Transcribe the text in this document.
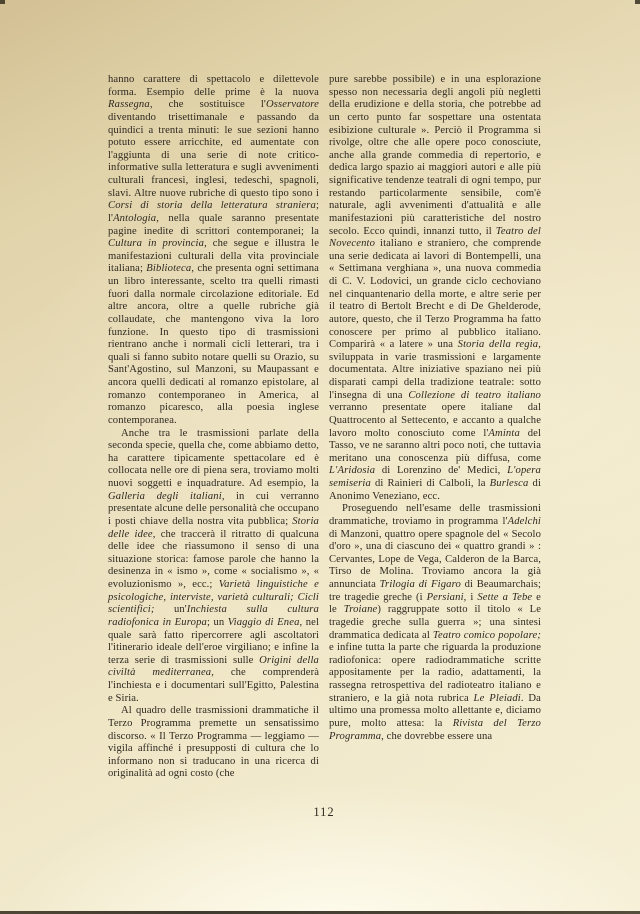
hanno carattere di spettacolo e dilettevole forma. Esempio delle prime è la nuova Rassegna, che sostituisce l'Osservatore diventando trisettimanale e passando da quindici a trenta minuti: le sue sezioni hanno potuto essere arricchite, ed aumentate con l'aggiunta di una serie di note critico-informative sulla letteratura e sugli avvenimenti culturali francesi, inglesi, tedeschi, spagnoli, slavi. Altre nuove rubriche di questo tipo sono i Corsi di storia della letteratura straniera; l'Antologia, nella quale saranno presentate pagine inedite di scrittori contemporanei; la Cultura in provincia, che segue e illustra le manifestazioni culturali della vita provinciale italiana; Biblioteca, che presenta ogni settimana un libro interessante, scelto tra quelli rimasti fuori dalla normale circolazione editoriale. Ed altre ancora, oltre a quelle rubriche già collaudate, che mantengono viva la loro funzione. In questo tipo di trasmissioni rientrano anche i normali cicli letterari, tra i quali si fanno subito notare quelli su Orazio, su Sant'Agostino, sul Manzoni, su Maupassant e ancora quelli dedicati al romanzo epistolare, al romanzo contemporaneo in America, al romanzo picaresco, alla poesia inglese contemporanea.

Anche tra le trasmissioni parlate della seconda specie, quella che, come abbiamo detto, ha carattere tipicamente spettacolare ed è collocata nelle ore di piena sera, troviamo molti nuovi soggetti e inquadrature. Ad esempio, la Galleria degli italiani, in cui verranno presentate alcune delle personalità che occupano i posti chiave della nostra vita pubblica; Storia delle idee, che traccerà il ritratto di qualcuna delle idee che riassumono il senso di una situazione storica: famose parole che hanno la desinenza in « ismo », come « socialismo », « evoluzionismo », ecc.; Varietà linguistiche e psicologiche, interviste, varietà culturali; Cicli scientifici; un'Inchiesta sulla cultura radiofonica in Europa; un Viaggio di Enea, nel quale sarà fatto ripercorrere agli ascoltatori l'itinerario ideale dell'eroe virgiliano; e infine la terza serie di trasmissioni sulle Origini della civiltà mediterranea, che comprenderà l'inchiesta e i documentari sull'Egitto, Palestina e Siria.

Al quadro delle trasmissioni drammatiche il Terzo Programma premette un sensatissimo discorso. « Il Terzo Programma — leggiamo — vigila affinché i presupposti di cultura che lo informano non si traducano in una ricerca di originalità ad ogni costo (che

pure sarebbe possibile) e in una esplorazione spesso non necessaria degli angoli più negletti della erudizione e della storia, che potrebbe ad un certo punto far sospettare una ostentata esibizione culturale ». Perciò il Programma si rivolge, oltre che alle opere poco conosciute, anche alla grande commedia di repertorio, e dedica largo spazio ai maggiori autori e alle più significative tendenze teatrali di ogni tempo, pur restando particolarmente sensibile, com'è naturale, agli avvenimenti d'attualità e alle manifestazioni più caratteristiche del nostro secolo. Ecco quindi, innanzi tutto, il Teatro del Novecento italiano e straniero, che comprende una serie dedicata ai lavori di Bontempelli, una « Settimana verghiana », una nuova commedia di C. V. Lodovici, un grande ciclo cechoviano nel cinquantenario della morte, e altre serie per il teatro di Bertolt Brecht e di De Ghelderode, autore, questo, che il Terzo Programma ha fatto conoscere per primo al pubblico italiano. Comparirà « a latere » una Storia della regìa, sviluppata in varie trasmissioni e largamente documentata. Altre iniziative spaziano nei più disparati campi della tradizione teatrale: sotto l'insegna di una Collezione di teatro italiano verranno presentate opere italiane dal Quattrocento al Settecento, e accanto a qualche lavoro molto conosciuto come l'Aminta del Tasso, ve ne saranno altri poco noti, che tuttavia meritano una conoscenza più diffusa, come L'Aridosia di Lorenzino de' Medici, L'opera semiseria di Rainieri di Calboli, la Burlesca di Anonimo Veneziano, ecc.

Proseguendo nell'esame delle trasmissioni drammatiche, troviamo in programma l'Adelchi di Manzoni, quattro opere spagnole del « Secolo d'oro », una di ciascuno dei « quattro grandi » : Cervantes, Lope de Vega, Calderon de la Barca, Tirso de Molina. Troviamo ancora la già annunciata Trilogia di Figaro di Beaumarchais; tre tragedie greche (i Persiani, i Sette a Tebe e le Troiane) raggruppate sotto il titolo « Le tragedie greche sulla guerra »; una sintesi drammatica dedicata al Teatro comico popolare; e infine tutta la parte che riguarda la produzione radiofonica: opere radiodrammatiche scritte appositamente per la radio, adattamenti, la rassegna retrospettiva del radioteatro italiano e straniero, e la già nota rubrica Le Pleiadi. Da ultimo una promessa molto allettante e, diciamo pure, molto attesa: la Rivista del Terzo Programma, che dovrebbe essere una

112
